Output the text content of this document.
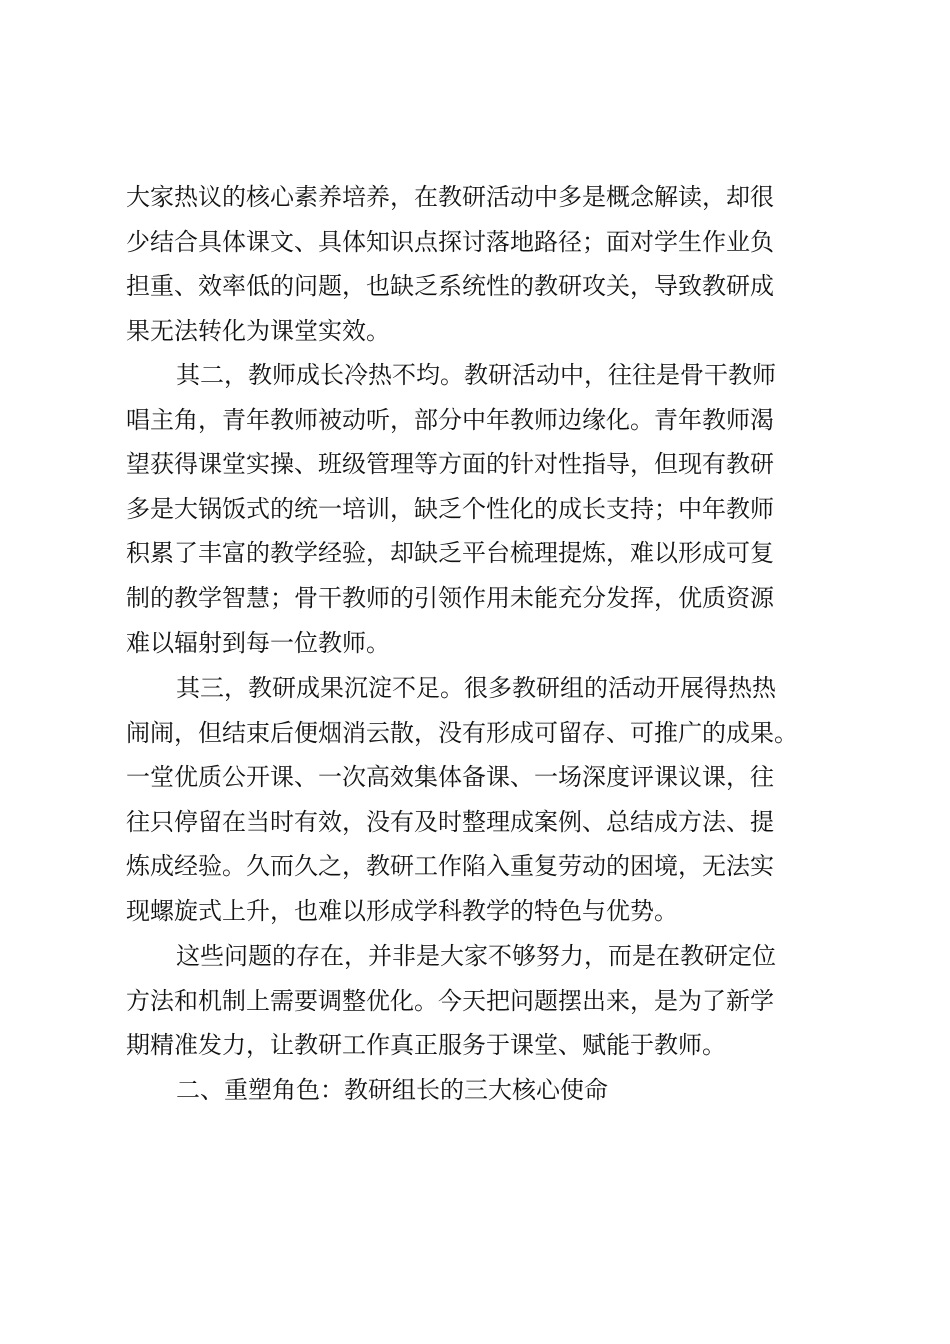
大家热议的核心素养培养，在教研活动中多是概念解读，却很
少结合具体课文、具体知识点探讨落地路径；面对学生作业负
担重、效率低的问题，也缺乏系统性的教研攻关，导致教研成
果无法转化为课堂实效。
其二，教师成长冷热不均。教研活动中，往往是骨干教师
唱主角，青年教师被动听，部分中年教师边缘化。青年教师渴
望获得课堂实操、班级管理等方面的针对性指导，但现有教研
多是大锅饭式的统一培训，缺乏个性化的成长支持；中年教师
积累了丰富的教学经验，却缺乏平台梳理提炼，难以形成可复
制的教学智慧；骨干教师的引领作用未能充分发挥，优质资源
难以辐射到每一位教师。
其三，教研成果沉淀不足。很多教研组的活动开展得热热
闹闹，但结束后便烟消云散，没有形成可留存、可推广的成果。
一堂优质公开课、一次高效集体备课、一场深度评课议课，往
往只停留在当时有效，没有及时整理成案例、总结成方法、提
炼成经验。久而久之，教研工作陷入重复劳动的困境，无法实
现螺旋式上升，也难以形成学科教学的特色与优势。
这些问题的存在，并非是大家不够努力，而是在教研定位
方法和机制上需要调整优化。今天把问题摆出来，是为了新学
期精准发力，让教研工作真正服务于课堂、赋能于教师。
二、重塑角色：教研组长的三大核心使命
